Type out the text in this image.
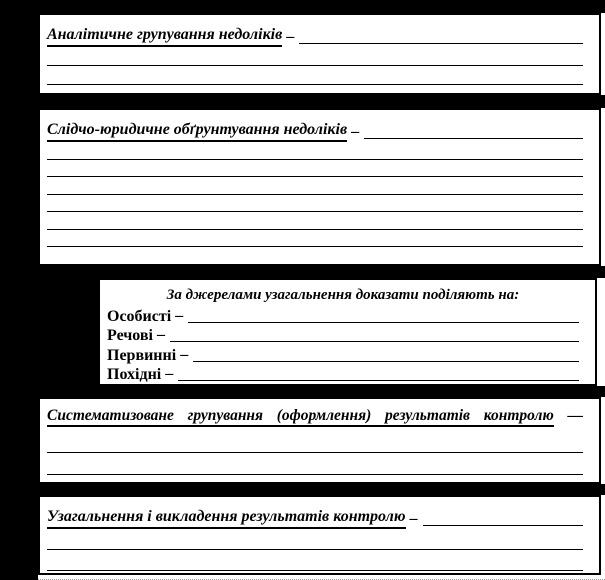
Аналітичне групування недоліків –
Слідчо-юридичне обґрунтування недоліків –
За джерелами узагальнення доказати поділяють на:
Особисті –
Речові –
Первинні –
Похідні –
Систематизоване групування (оформлення) результатів контролю —
Узагальнення і викладення результатів контролю –
